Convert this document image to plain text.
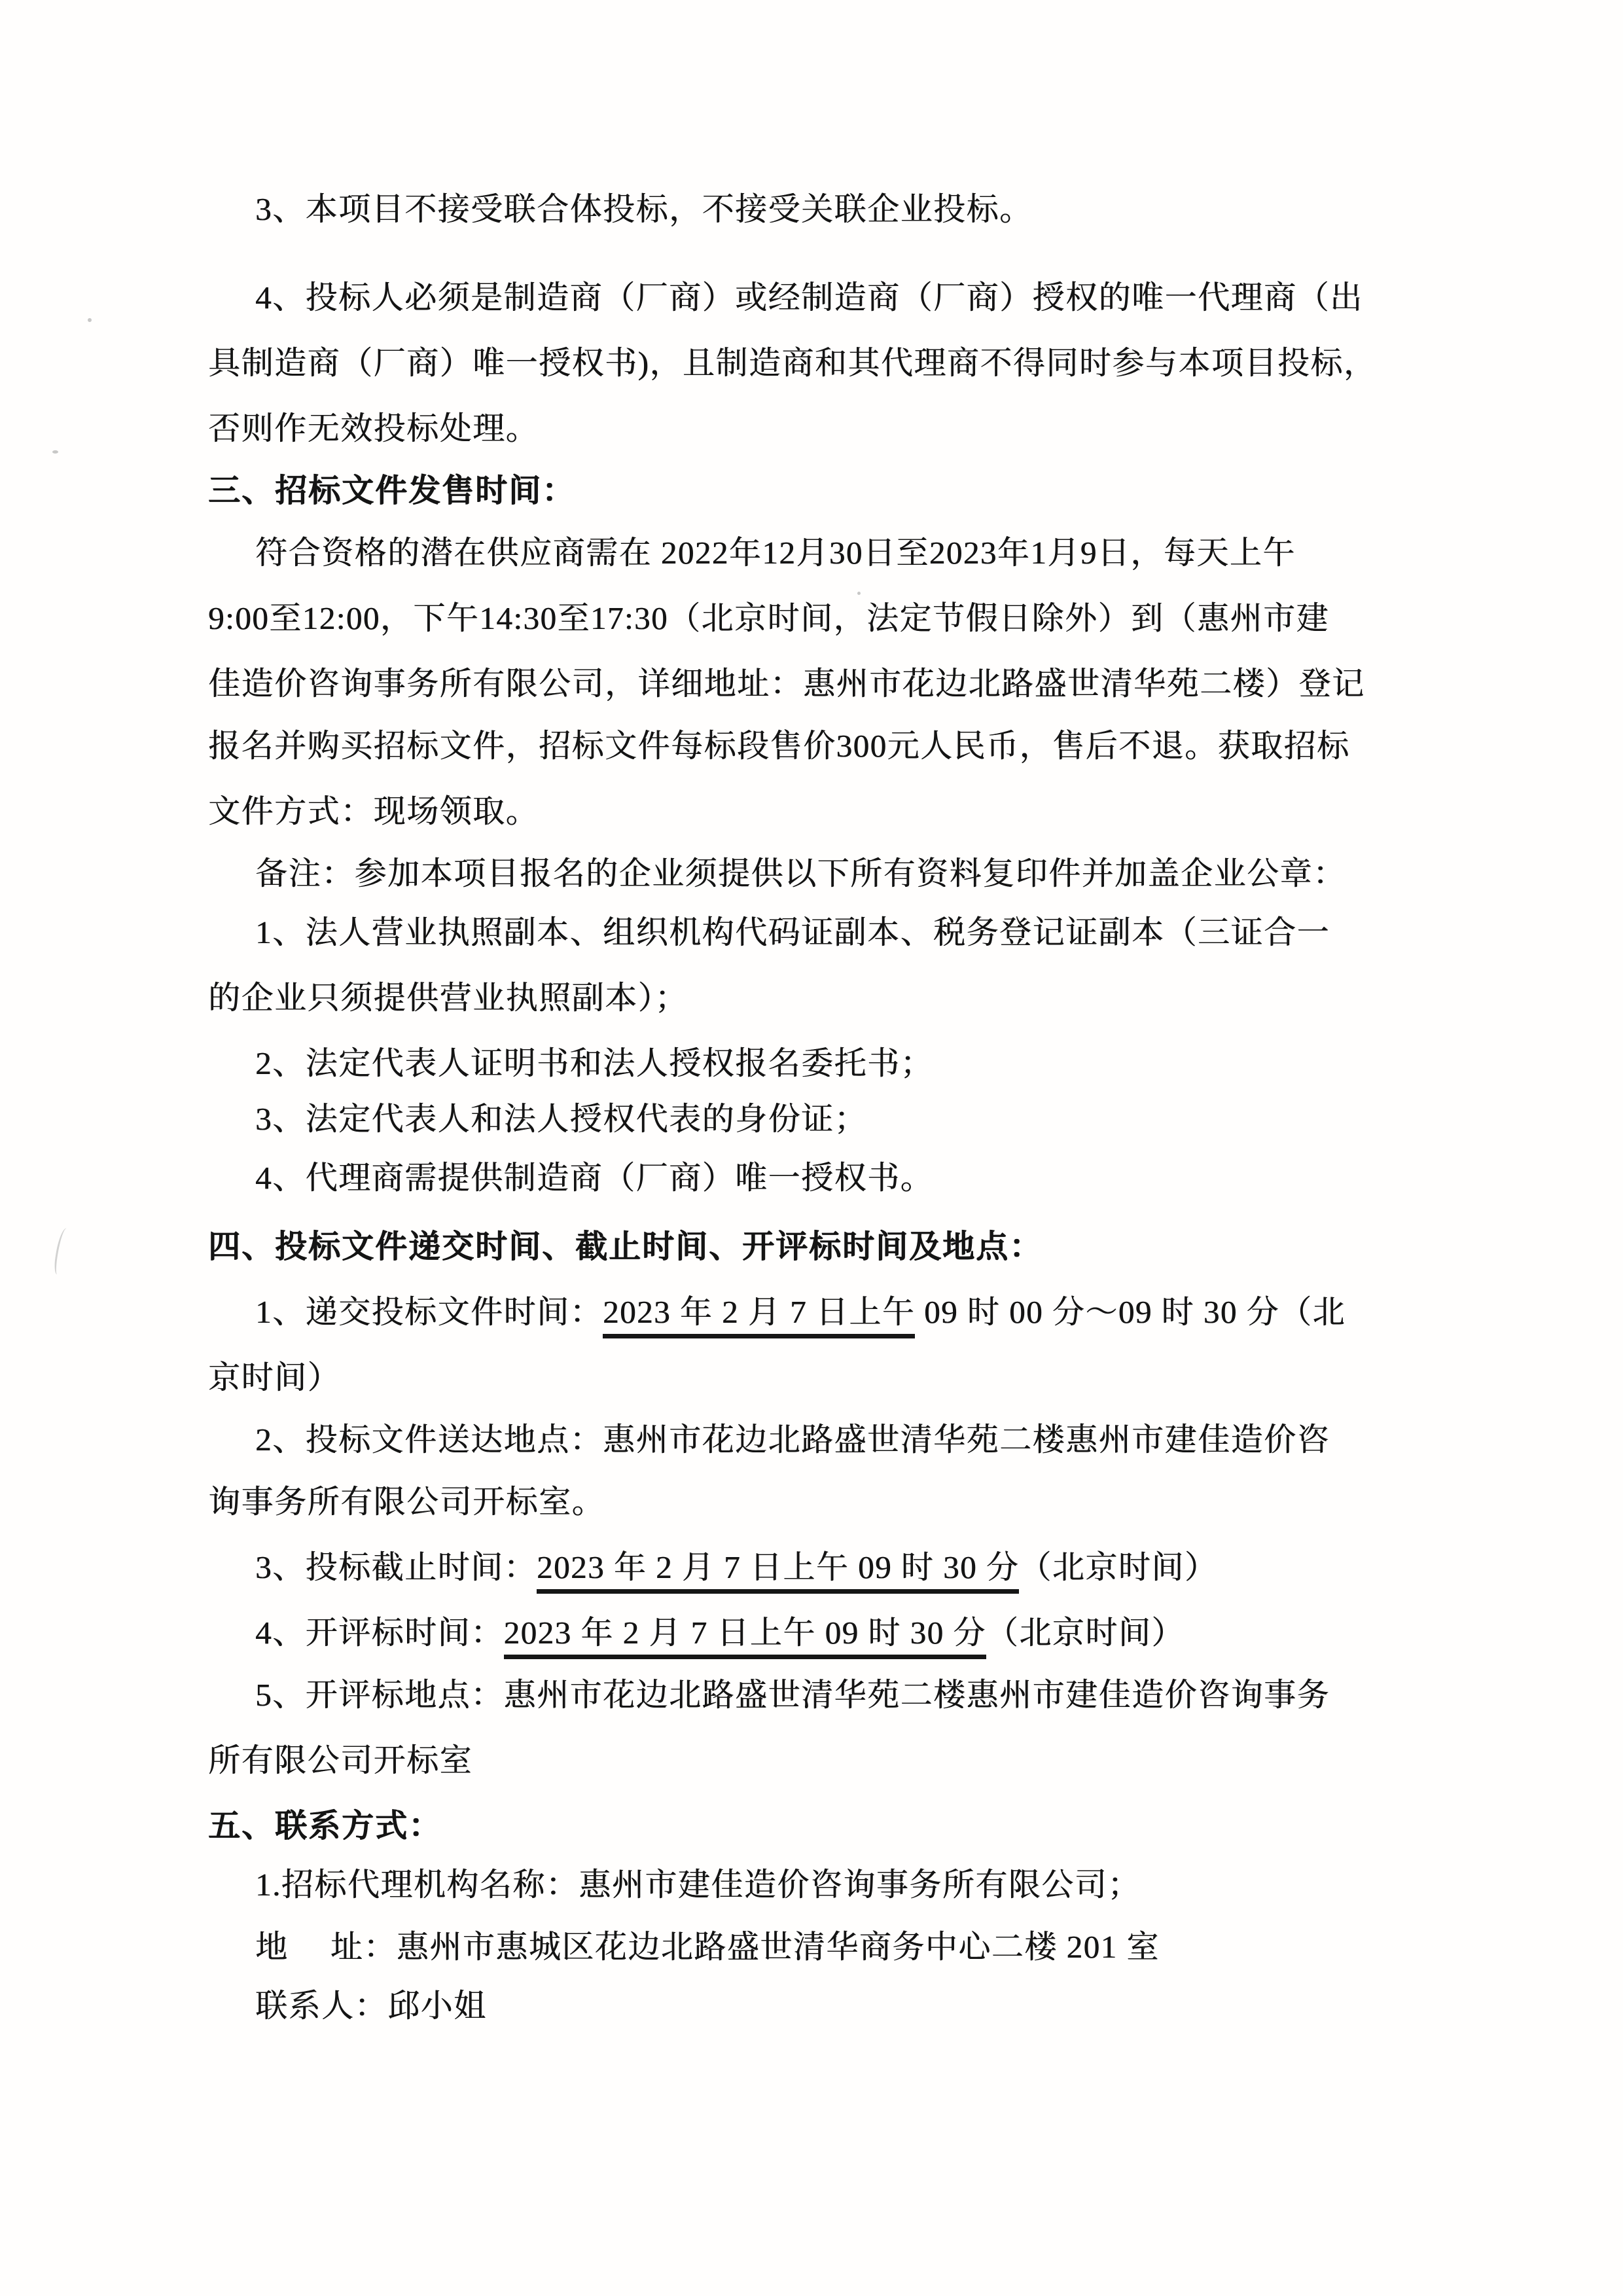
3、本项目不接受联合体投标，不接受关联企业投标。
4、投标人必须是制造商（厂商）或经制造商（厂商）授权的唯一代理商（出
具制造商（厂商）唯一授权书)，且制造商和其代理商不得同时参与本项目投标，
否则作无效投标处理。
三、招标文件发售时间：
符合资格的潜在供应商需在 2022年12月30日至2023年1月9日，每天上午
9:00至12:00，下午14:30至17:30（北京时间，法定节假日除外）到（惠州市建
佳造价咨询事务所有限公司，详细地址：惠州市花边北路盛世清华苑二楼）登记
报名并购买招标文件，招标文件每标段售价300元人民币，售后不退。获取招标
文件方式：现场领取。
备注：参加本项目报名的企业须提供以下所有资料复印件并加盖企业公章：
1、法人营业执照副本、组织机构代码证副本、税务登记证副本（三证合一
的企业只须提供营业执照副本）；
2、法定代表人证明书和法人授权报名委托书；
3、法定代表人和法人授权代表的身份证；
4、代理商需提供制造商（厂商）唯一授权书。
四、投标文件递交时间、截止时间、开评标时间及地点：
1、递交投标文件时间：2023 年 2 月 7 日上午 09 时 00 分～09 时 30 分（北
京时间）
2、投标文件送达地点：惠州市花边北路盛世清华苑二楼惠州市建佳造价咨
询事务所有限公司开标室。
3、投标截止时间：2023 年 2 月 7 日上午 09 时 30 分（北京时间）
4、开评标时间：2023 年 2 月 7 日上午 09 时 30 分（北京时间）
5、开评标地点：惠州市花边北路盛世清华苑二楼惠州市建佳造价咨询事务
所有限公司开标室
五、联系方式：
1.招标代理机构名称：惠州市建佳造价咨询事务所有限公司；
地 　址：惠州市惠城区花边北路盛世清华商务中心二楼 201 室
联系人：邱小姐
